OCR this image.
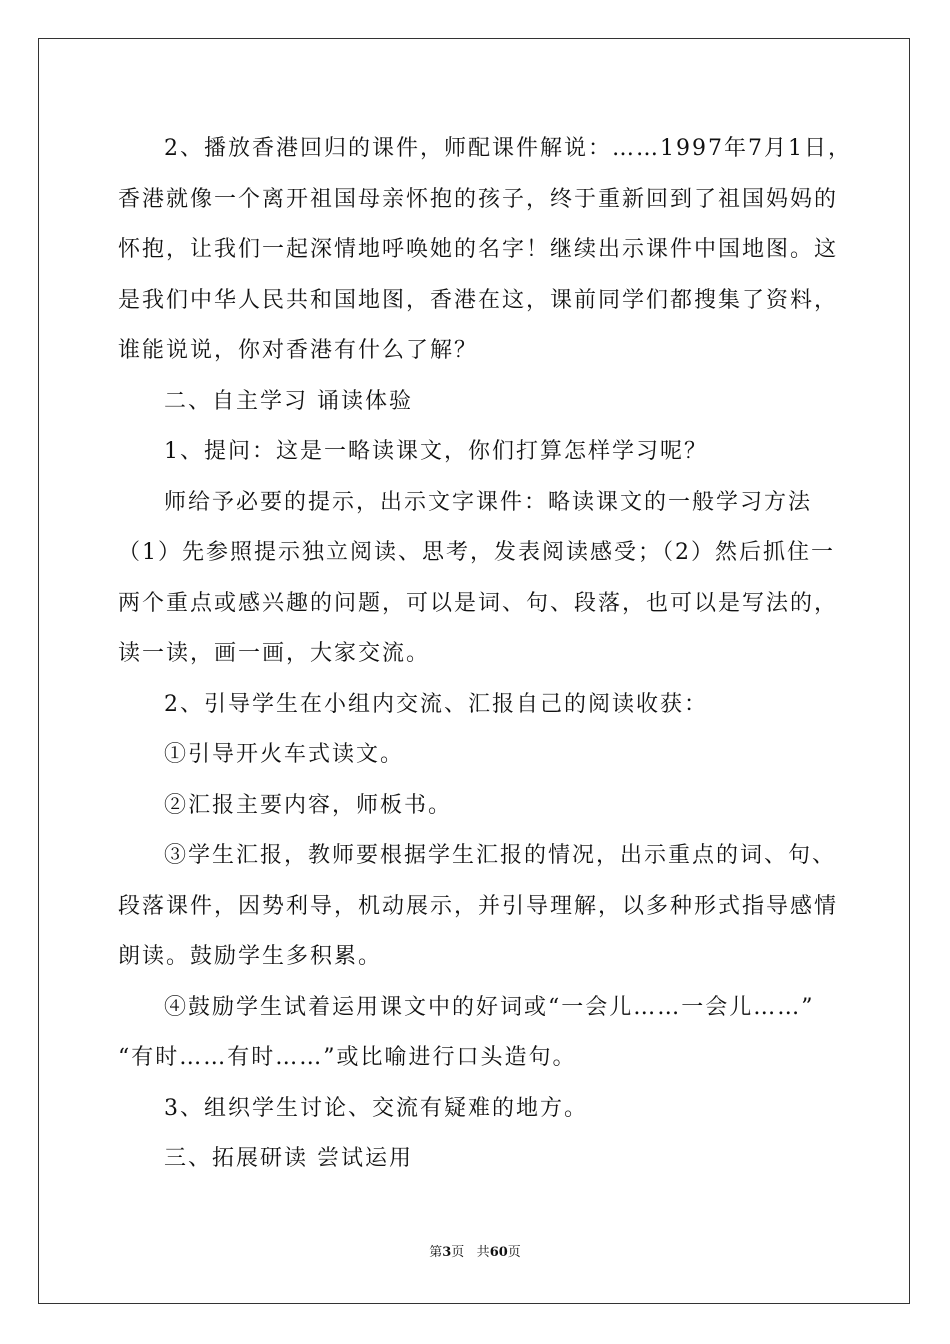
2、播放香港回归的课件，师配课件解说：……1997年7月1日，
香港就像一个离开祖国母亲怀抱的孩子，终于重新回到了祖国妈妈的
怀抱，让我们一起深情地呼唤她的名字！继续出示课件中国地图。这
是我们中华人民共和国地图，香港在这，课前同学们都搜集了资料，
谁能说说，你对香港有什么了解？

二、自主学习 诵读体验

1、提问：这是一略读课文，你们打算怎样学习呢？

师给予必要的提示，出示文字课件：略读课文的一般学习方法
（1）先参照提示独立阅读、思考，发表阅读感受；（2）然后抓住一
两个重点或感兴趣的问题，可以是词、句、段落，也可以是写法的，
读一读，画一画，大家交流。

2、引导学生在小组内交流、汇报自己的阅读收获：

①引导开火车式读文。

②汇报主要内容，师板书。

③学生汇报，教师要根据学生汇报的情况，出示重点的词、句、
段落课件，因势利导，机动展示，并引导理解，以多种形式指导感情
朗读。鼓励学生多积累。

④鼓励学生试着运用课文中的好词或“一会儿……一会儿……”
“有时……有时……”或比喻进行口头造句。

3、组织学生讨论、交流有疑难的地方。

三、拓展研读 尝试运用

第3页 共60页
